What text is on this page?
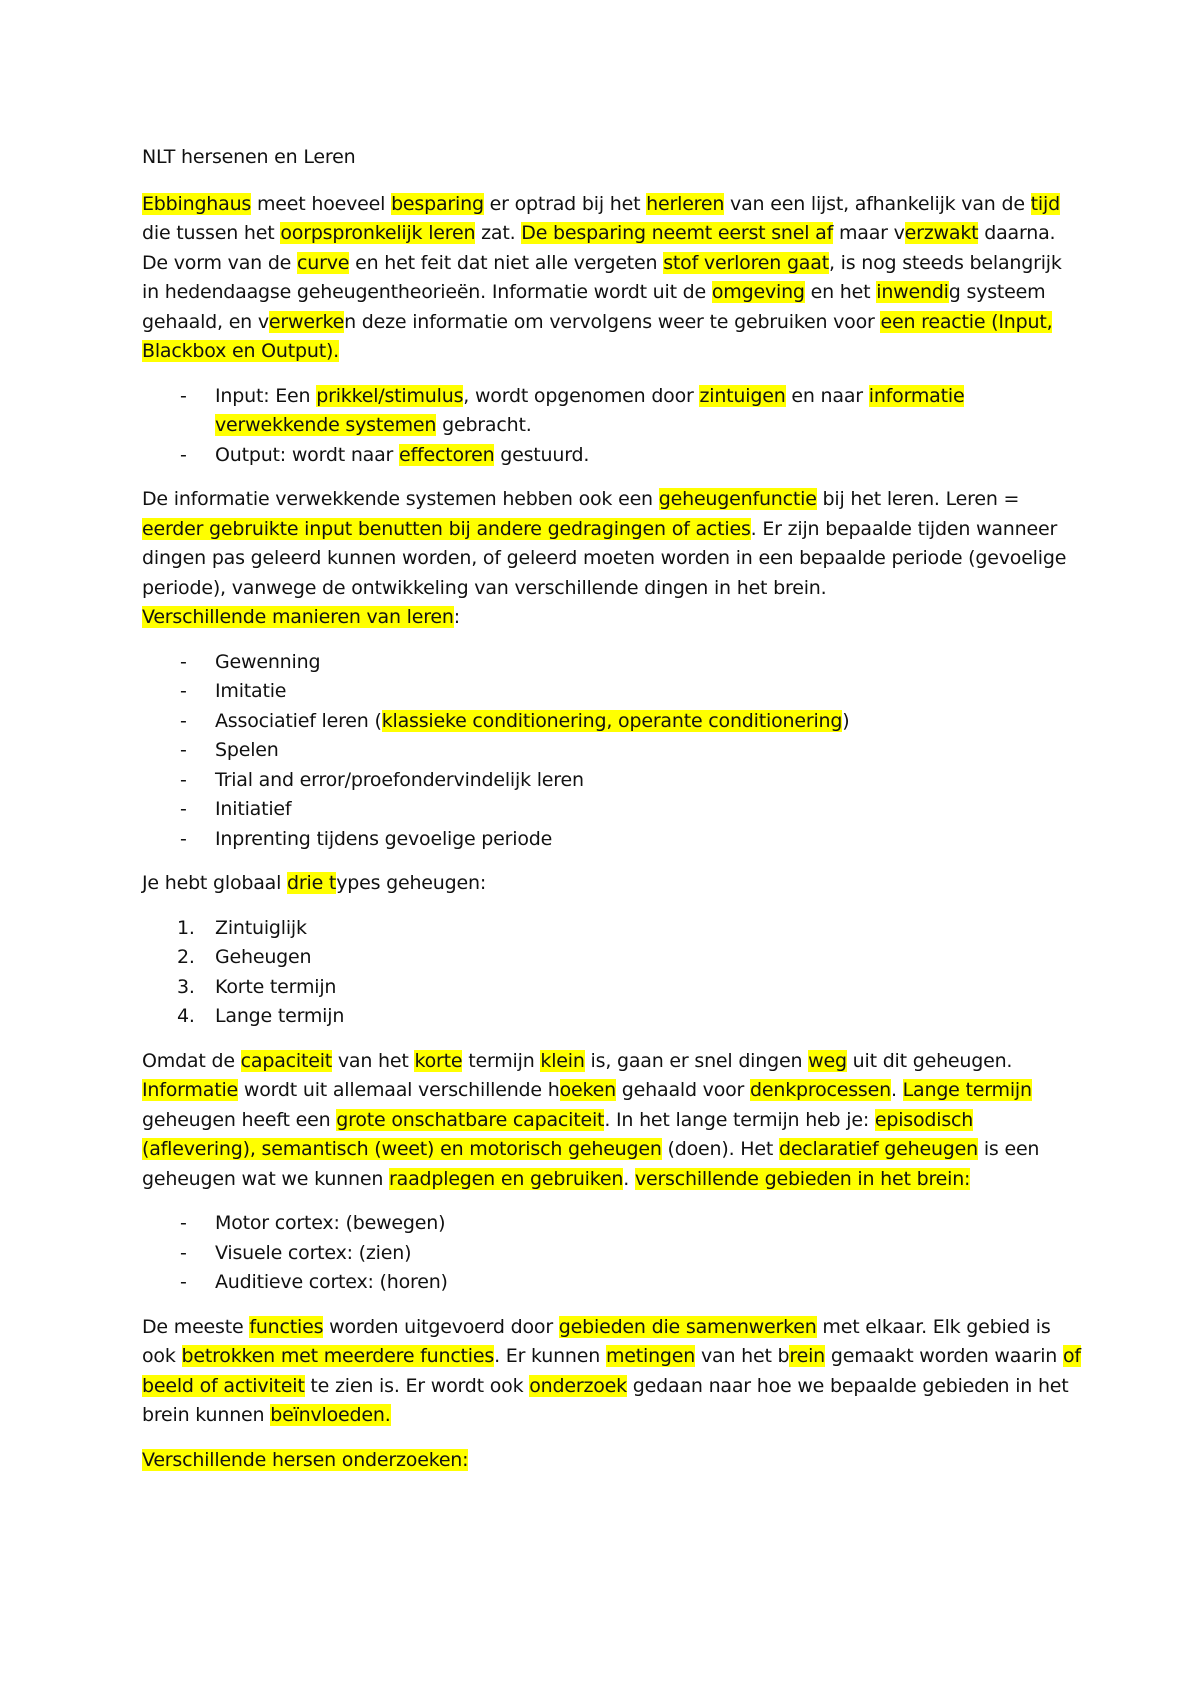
NLT hersenen en Leren

Ebbinghaus meet hoeveel besparing er optrad bij het herleren van een lijst, afhankelijk van de tijd die tussen het oorpspronkelijk leren zat. De besparing neemt eerst snel af maar verzwakt daarna. De vorm van de curve en het feit dat niet alle vergeten stof verloren gaat, is nog steeds belangrijk in hedendaagse geheugentheorieën. Informatie wordt uit de omgeving en het inwendig systeem gehaald, en verwerken deze informatie om vervolgens weer te gebruiken voor een reactie (Input, Blackbox en Output).

- Input: Een prikkel/stimulus, wordt opgenomen door zintuigen en naar informatie verwekkende systemen gebracht.
- Output: wordt naar effectoren gestuurd.

De informatie verwekkende systemen hebben ook een geheugenfunctie bij het leren. Leren = eerder gebruikte input benutten bij andere gedragingen of acties. Er zijn bepaalde tijden wanneer dingen pas geleerd kunnen worden, of geleerd moeten worden in een bepaalde periode (gevoelige periode), vanwege de ontwikkeling van verschillende dingen in het brein.

Verschillende manieren van leren:

- Gewenning
- Imitatie
- Associatief leren (klassieke conditionering, operante conditionering)
- Spelen
- Trial and error/proefondervindelijk leren
- Initiatief
- Inprenting tijdens gevoelige periode

Je hebt globaal drie types geheugen:

1. Zintuiglijk
2. Geheugen
3. Korte termijn
4. Lange termijn

Omdat de capaciteit van het korte termijn klein is, gaan er snel dingen weg uit dit geheugen. Informatie wordt uit allemaal verschillende hoeken gehaald voor denkprocessen. Lange termijn geheugen heeft een grote onschatbare capaciteit. In het lange termijn heb je: episodisch (aflevering), semantisch (weet) en motorisch geheugen (doen). Het declaratief geheugen is een geheugen wat we kunnen raadplegen en gebruiken. verschillende gebieden in het brein:

- Motor cortex: (bewegen)
- Visuele cortex: (zien)
- Auditieve cortex: (horen)

De meeste functies worden uitgevoerd door gebieden die samenwerken met elkaar. Elk gebied is ook betrokken met meerdere functies. Er kunnen metingen van het brein gemaakt worden waarin of beeld of activiteit te zien is. Er wordt ook onderzoek gedaan naar hoe we bepaalde gebieden in het brein kunnen beïnvloeden.

Verschillende hersen onderzoeken:
